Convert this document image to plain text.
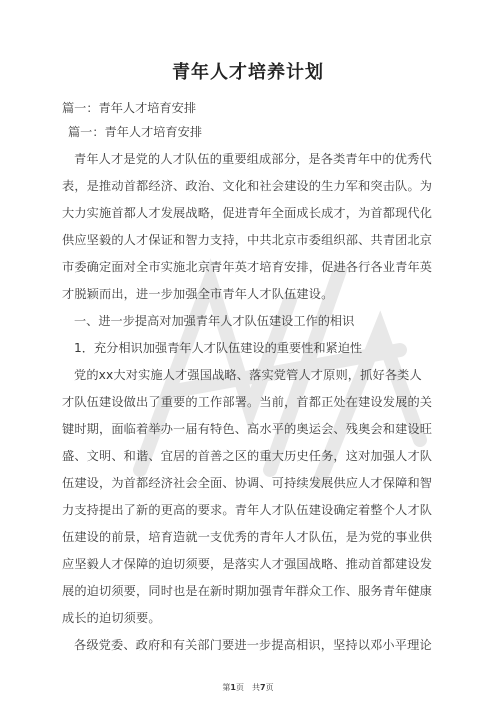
青年人才培养计划
篇一：青年人才培育安排
篇一：青年人才培育安排
青年人才是党的人才队伍的重要组成部分，是各类青年中的优秀代
表，是推动首都经济、政治、文化和社会建设的生力军和突击队。为
大力实施首都人才发展战略，促进青年全面成长成才，为首都现代化
供应坚毅的人才保证和智力支持，中共北京市委组织部、共青团北京
市委确定面对全市实施北京青年英才培育安排，促进各行各业青年英
才脱颖而出，进一步加强全市青年人才队伍建设。
一、进一步提高对加强青年人才队伍建设工作的相识
1．充分相识加强青年人才队伍建设的重要性和紧迫性
党的xx大对实施人才强国战略、落实党管人才原则，抓好各类人
才队伍建设做出了重要的工作部署。当前，首都正处在建设发展的关
键时期，面临着举办一届有特色、高水平的奥运会、残奥会和建设旺
盛、文明、和谐、宜居的首善之区的重大历史任务，这对加强人才队
伍建设，为首都经济社会全面、协调、可持续发展供应人才保障和智
力支持提出了新的更高的要求。青年人才队伍建设确定着整个人才队
伍建设的前景，培育造就一支优秀的青年人才队伍，是为党的事业供
应坚毅人才保障的迫切须要，是落实人才强国战略、推动首都建设发
展的迫切须要，同时也是在新时期加强青年群众工作、服务青年健康
成长的迫切须要。
各级党委、政府和有关部门要进一步提高相识，坚持以邓小平理论
第1页　共7页
